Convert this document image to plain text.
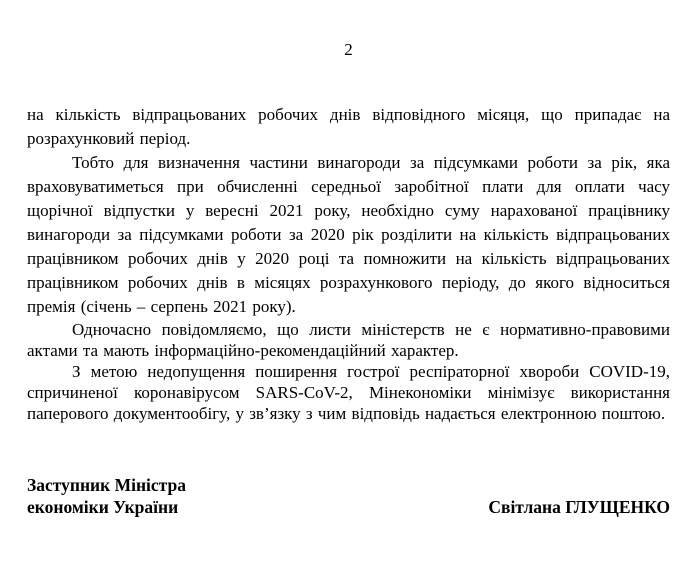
2

на кількість відпрацьованих робочих днів відповідного місяця, що припадає на розрахунковий період.

Тобто для визначення частини винагороди за підсумками роботи за рік, яка враховуватиметься при обчисленні середньої заробітної плати для оплати часу щорічної відпустки у вересні 2021 року, необхідно суму нарахованої працівнику винагороди за підсумками роботи за 2020 рік розділити на кількість відпрацьованих працівником робочих днів у 2020 році та помножити на кількість відпрацьованих працівником робочих днів в місяцях розрахункового періоду, до якого відноситься премія (січень – серпень 2021 року).

Одночасно повідомляємо, що листи міністерств не є нормативно-правовими актами та мають інформаційно-рекомендаційний характер.

З метою недопущення поширення гострої респіраторної хвороби COVID-19, спричиненої коронавірусом SARS-CoV-2, Мінекономіки мінімізує використання паперового документообігу, у зв’язку з чим відповідь надається електронною поштою.

Заступник Міністра
економіки України	Світлана ГЛУЩЕНКО
